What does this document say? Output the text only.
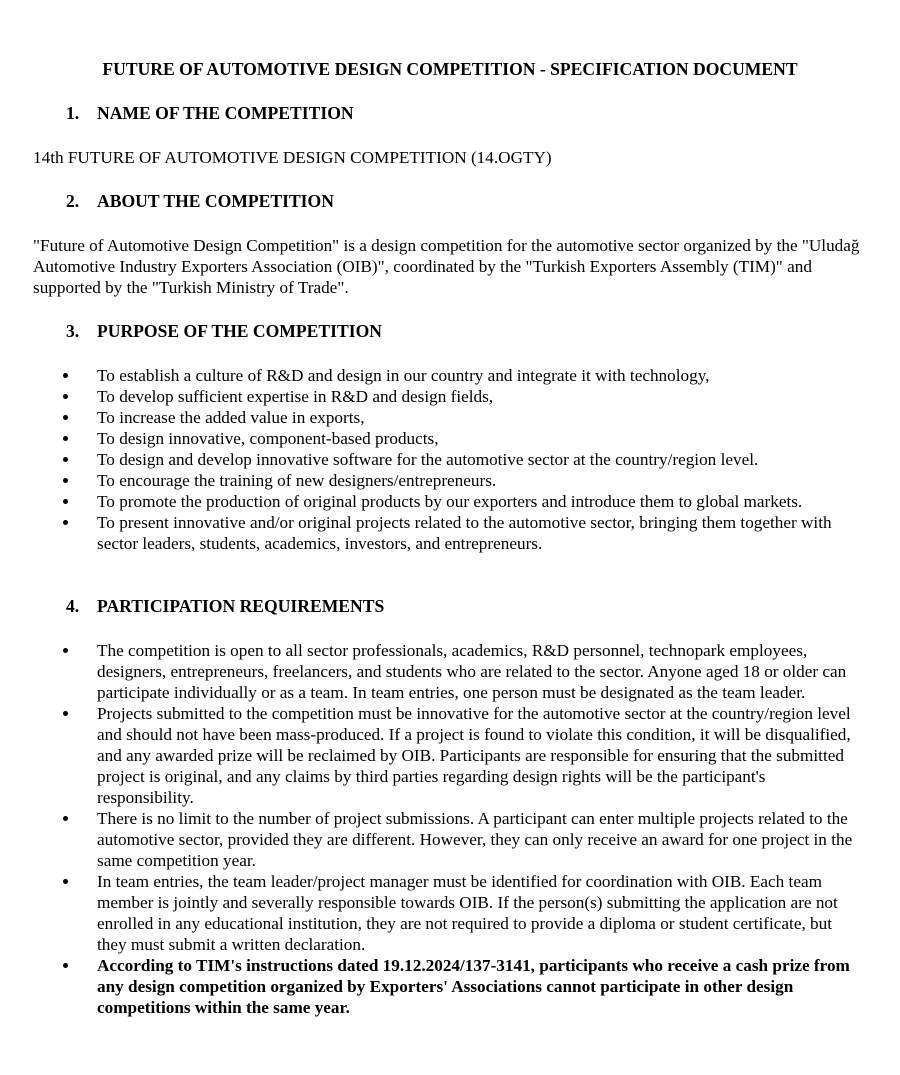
FUTURE OF AUTOMOTIVE DESIGN COMPETITION - SPECIFICATION DOCUMENT
1. NAME OF THE COMPETITION
14th FUTURE OF AUTOMOTIVE DESIGN COMPETITION (14.OGTY)
2. ABOUT THE COMPETITION
"Future of Automotive Design Competition" is a design competition for the automotive sector organized by the "Uludağ Automotive Industry Exporters Association (OIB)", coordinated by the "Turkish Exporters Assembly (TIM)" and supported by the "Turkish Ministry of Trade".
3. PURPOSE OF THE COMPETITION
To establish a culture of R&D and design in our country and integrate it with technology,
To develop sufficient expertise in R&D and design fields,
To increase the added value in exports,
To design innovative, component-based products,
To design and develop innovative software for the automotive sector at the country/region level.
To encourage the training of new designers/entrepreneurs.
To promote the production of original products by our exporters and introduce them to global markets.
To present innovative and/or original projects related to the automotive sector, bringing them together with sector leaders, students, academics, investors, and entrepreneurs.
4. PARTICIPATION REQUIREMENTS
The competition is open to all sector professionals, academics, R&D personnel, technopark employees, designers, entrepreneurs, freelancers, and students who are related to the sector. Anyone aged 18 or older can participate individually or as a team. In team entries, one person must be designated as the team leader.
Projects submitted to the competition must be innovative for the automotive sector at the country/region level and should not have been mass-produced. If a project is found to violate this condition, it will be disqualified, and any awarded prize will be reclaimed by OIB. Participants are responsible for ensuring that the submitted project is original, and any claims by third parties regarding design rights will be the participant's responsibility.
There is no limit to the number of project submissions. A participant can enter multiple projects related to the automotive sector, provided they are different. However, they can only receive an award for one project in the same competition year.
In team entries, the team leader/project manager must be identified for coordination with OIB. Each team member is jointly and severally responsible towards OIB. If the person(s) submitting the application are not enrolled in any educational institution, they are not required to provide a diploma or student certificate, but they must submit a written declaration.
According to TIM's instructions dated 19.12.2024/137-3141, participants who receive a cash prize from any design competition organized by Exporters' Associations cannot participate in other design competitions within the same year.
